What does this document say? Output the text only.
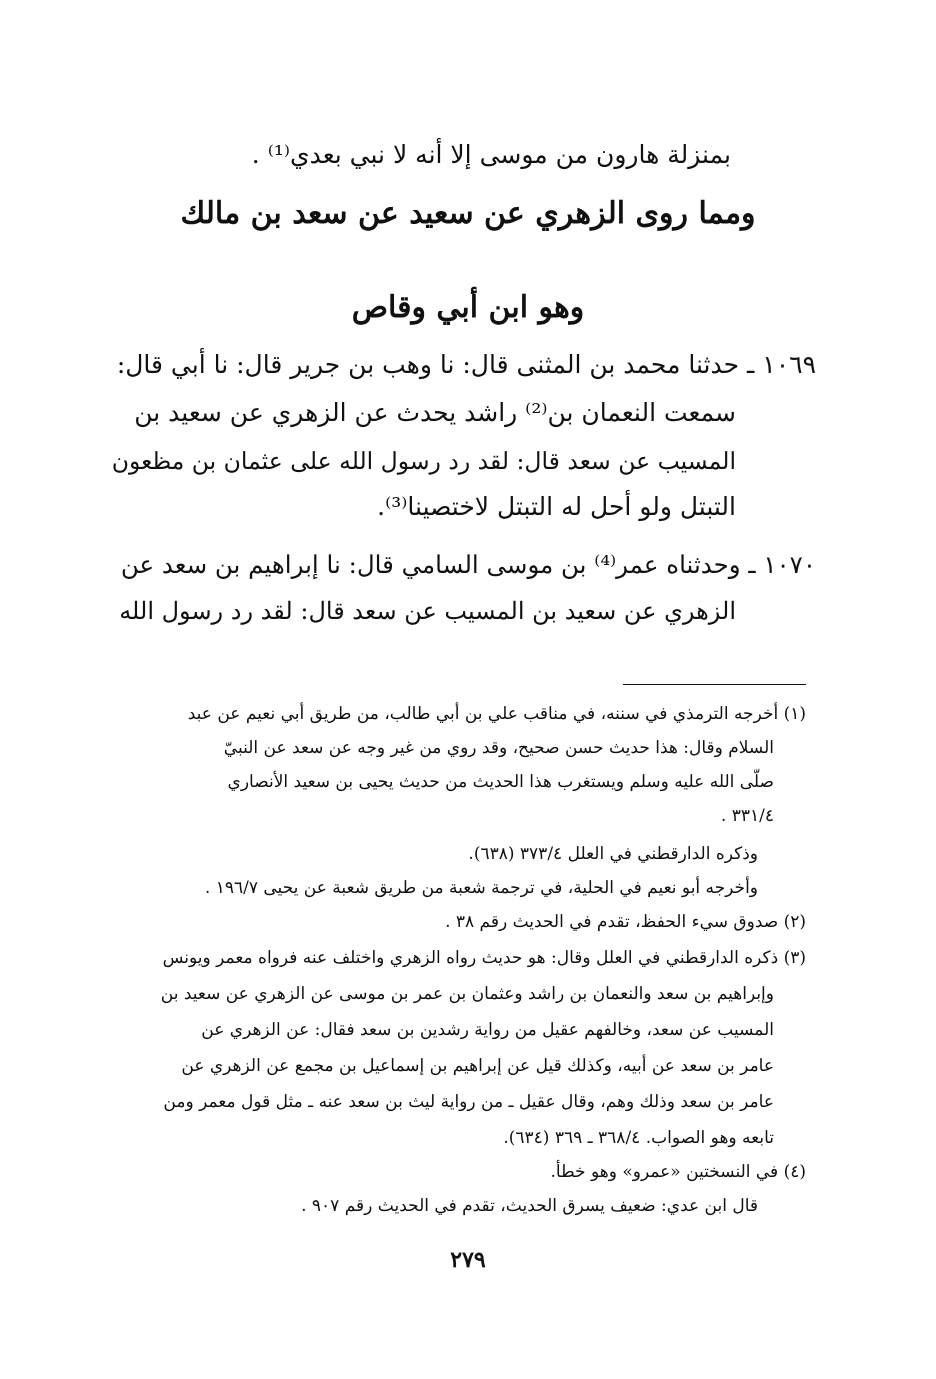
بمنزلة هارون من موسى إلا أنه لا نبي بعدي⁽¹⁾ .
ومما روى الزهري عن سعيد عن سعد بن مالك
وهو ابن أبي وقاص
١٠٦٩ ـ حدثنا محمد بن المثنى قال: نا وهب بن جرير قال: نا أبي قال:
سمعت النعمان بن⁽²⁾ راشد يحدث عن الزهري عن سعيد بن
المسيب عن سعد قال: لقد رد رسول الله على عثمان بن مظعون
التبتل ولو أحل له التبتل لاختصينا⁽³⁾.
١٠٧٠ ـ وحدثناه عمر⁽⁴⁾ بن موسى السامي قال: نا إبراهيم بن سعد عن
الزهري عن سعيد بن المسيب عن سعد قال: لقد رد رسول الله
(١) أخرجه الترمذي في سننه، في مناقب علي بن أبي طالب، من طريق أبي نعيم عن عبد
السلام وقال: هذا حديث حسن صحيح، وقد روي من غير وجه عن سعد عن النبيّ
صلّى الله عليه وسلم ويستغرب هذا الحديث من حديث يحيى بن سعيد الأنصاري
٣٣١/٤ .
وذكره الدارقطني في العلل ٣٧٣/٤ (٦٣٨).
وأخرجه أبو نعيم في الحلية، في ترجمة شعبة من طريق شعبة عن يحيى ١٩٦/٧ .
(٢) صدوق سيء الحفظ، تقدم في الحديث رقم ٣٨ .
(٣) ذكره الدارقطني في العلل وقال: هو حديث رواه الزهري واختلف عنه فرواه معمر ويونس
وإبراهيم بن سعد والنعمان بن راشد وعثمان بن عمر بن موسى عن الزهري عن سعيد بن
المسيب عن سعد، وخالفهم عقيل من رواية رشدين بن سعد فقال: عن الزهري عن
عامر بن سعد عن أبيه، وكذلك قيل عن إبراهيم بن إسماعيل بن مجمع عن الزهري عن
عامر بن سعد وذلك وهم، وقال عقيل ـ من رواية ليث بن سعد عنه ـ مثل قول معمر ومن
تابعه وهو الصواب. ٣٦٨/٤ ـ ٣٦٩ (٦٣٤).
(٤) في النسختين «عمرو» وهو خطأ.
قال ابن عدي: ضعيف يسرق الحديث، تقدم في الحديث رقم ٩٠٧ .
٢٧٩
